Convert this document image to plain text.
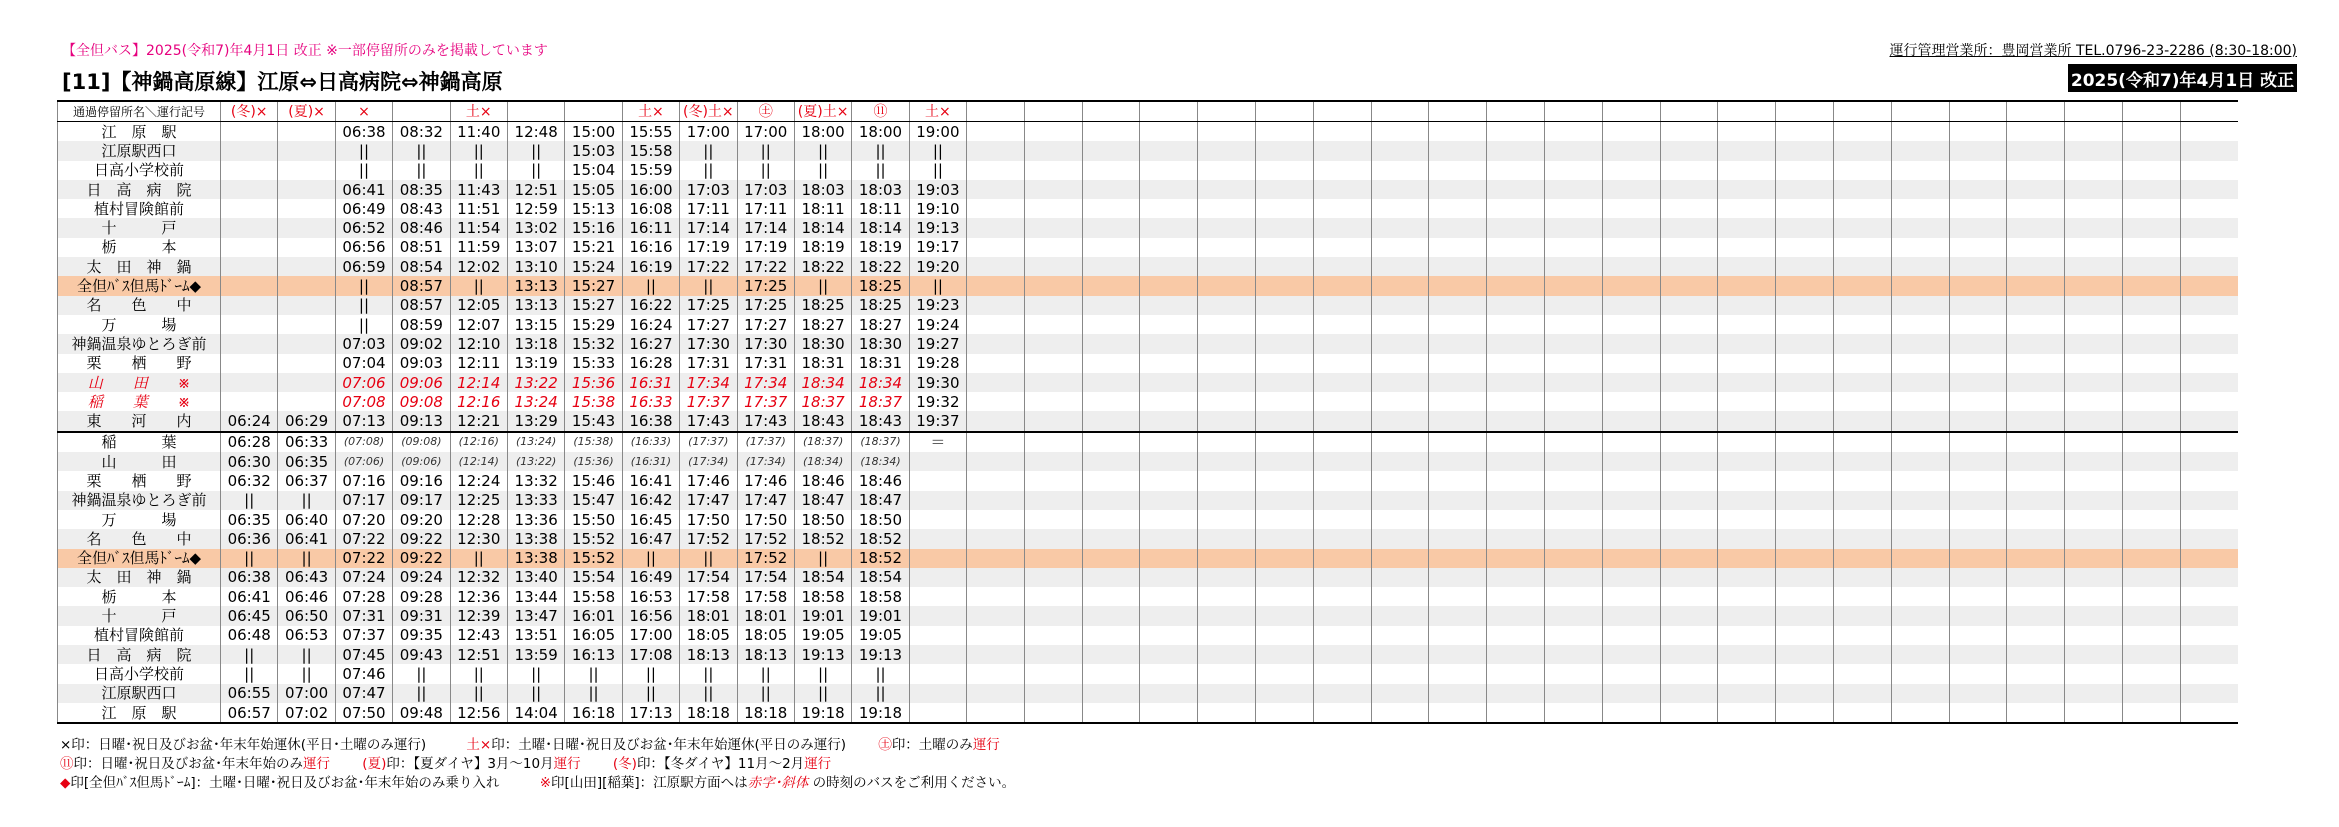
【全但バス】2025(令和7)年4月1日 改正 ※一部停留所のみを掲載しています	運行管理営業所：豊岡営業所 TEL.0796-23-2286 (8:30-18:00)
[11]【神鍋高原線】江原⇔日高病院⇔神鍋高原	2025(令和7)年4月1日 改正
通過停留所名＼運行記号	(冬)×	(夏)×	×		土×			土×	(冬)土×	㊏	(夏)土×	⑪	土×																						
江　原　駅			06:38	08:32	11:40	12:48	15:00	15:55	17:00	17:00	18:00	18:00	19:00																						
江原駅西口			||	||	||	||	15:03	15:58	||	||	||	||	||																						
日高小学校前			||	||	||	||	15:04	15:59	||	||	||	||	||																						
日　高　病　院			06:41	08:35	11:43	12:51	15:05	16:00	17:03	17:03	18:03	18:03	19:03																						
植村冒険館前			06:49	08:43	11:51	12:59	15:13	16:08	17:11	17:11	18:11	18:11	19:10																						
十　　　戸			06:52	08:46	11:54	13:02	15:16	16:11	17:14	17:14	18:14	18:14	19:13																						
栃　　　本			06:56	08:51	11:59	13:07	15:21	16:16	17:19	17:19	18:19	18:19	19:17																						
太　田　神　鍋			06:59	08:54	12:02	13:10	15:24	16:19	17:22	17:22	18:22	18:22	19:20																						
全但ﾊﾞｽ但馬ﾄﾞｰﾑ◆			||	08:57	||	13:13	15:27	||	||	17:25	||	18:25	||																						
名　　色　　中			||	08:57	12:05	13:13	15:27	16:22	17:25	17:25	18:25	18:25	19:23																						
万　　　場			||	08:59	12:07	13:15	15:29	16:24	17:27	17:27	18:27	18:27	19:24																						
神鍋温泉ゆとろぎ前			07:03	09:02	12:10	13:18	15:32	16:27	17:30	17:30	18:30	18:30	19:27																						
栗　　栖　　野			07:04	09:03	12:11	13:19	15:33	16:28	17:31	17:31	18:31	18:31	19:28																						
山　　田　　※			07:06	09:06	12:14	13:22	15:36	16:31	17:34	17:34	18:34	18:34	19:30																						
稲　　葉　　※			07:08	09:08	12:16	13:24	15:38	16:33	17:37	17:37	18:37	18:37	19:32																						
東　　河　　内	06:24	06:29	07:13	09:13	12:21	13:29	15:43	16:38	17:43	17:43	18:43	18:43	19:37																						
稲　　　葉	06:28	06:33	(07:08)	(09:08)	(12:16)	(13:24)	(15:38)	(16:33)	(17:37)	(17:37)	(18:37)	(18:37)	＝																						
山　　　田	06:30	06:35	(07:06)	(09:06)	(12:14)	(13:22)	(15:36)	(16:31)	(17:34)	(17:34)	(18:34)	(18:34)																							
栗　　栖　　野	06:32	06:37	07:16	09:16	12:24	13:32	15:46	16:41	17:46	17:46	18:46	18:46																							
神鍋温泉ゆとろぎ前	||	||	07:17	09:17	12:25	13:33	15:47	16:42	17:47	17:47	18:47	18:47																							
万　　　場	06:35	06:40	07:20	09:20	12:28	13:36	15:50	16:45	17:50	17:50	18:50	18:50																							
名　　色　　中	06:36	06:41	07:22	09:22	12:30	13:38	15:52	16:47	17:52	17:52	18:52	18:52																							
全但ﾊﾞｽ但馬ﾄﾞｰﾑ◆	||	||	07:22	09:22	||	13:38	15:52	||	||	17:52	||	18:52																							
太　田　神　鍋	06:38	06:43	07:24	09:24	12:32	13:40	15:54	16:49	17:54	17:54	18:54	18:54																							
栃　　　本	06:41	06:46	07:28	09:28	12:36	13:44	15:58	16:53	17:58	17:58	18:58	18:58																							
十　　　戸	06:45	06:50	07:31	09:31	12:39	13:47	16:01	16:56	18:01	18:01	19:01	19:01																							
植村冒険館前	06:48	06:53	07:37	09:35	12:43	13:51	16:05	17:00	18:05	18:05	19:05	19:05																							
日　高　病　院	||	||	07:45	09:43	12:51	13:59	16:13	17:08	18:13	18:13	19:13	19:13																							
日高小学校前	||	||	07:46	||	||	||	||	||	||	||	||	||																							
江原駅西口	06:55	07:00	07:47	||	||	||	||	||	||	||	||	||																							
江　原　駅	06:57	07:02	07:50	09:48	12:56	14:04	16:18	17:13	18:18	18:18	19:18	19:18																							
×印：日曜･祝日及びお盆･年末年始運休(平日･土曜のみ運行)	土×印：土曜･日曜･祝日及びお盆･年末年始運休(平日のみ運行) ㊏印：土曜のみ運行
⑪印：日曜･祝日及びお盆･年末年始のみ運行 (夏)印：【夏ダイヤ】3月～10月運行 (冬)印：【冬ダイヤ】11月～2月運行
◆印[全但ﾊﾞｽ但馬ﾄﾞｰﾑ]：土曜･日曜･祝日及びお盆･年末年始のみ乗り入れ	※印[山田][稲葉]：江原駅方面へは赤字･斜体 の時刻のバスをご利用ください。
